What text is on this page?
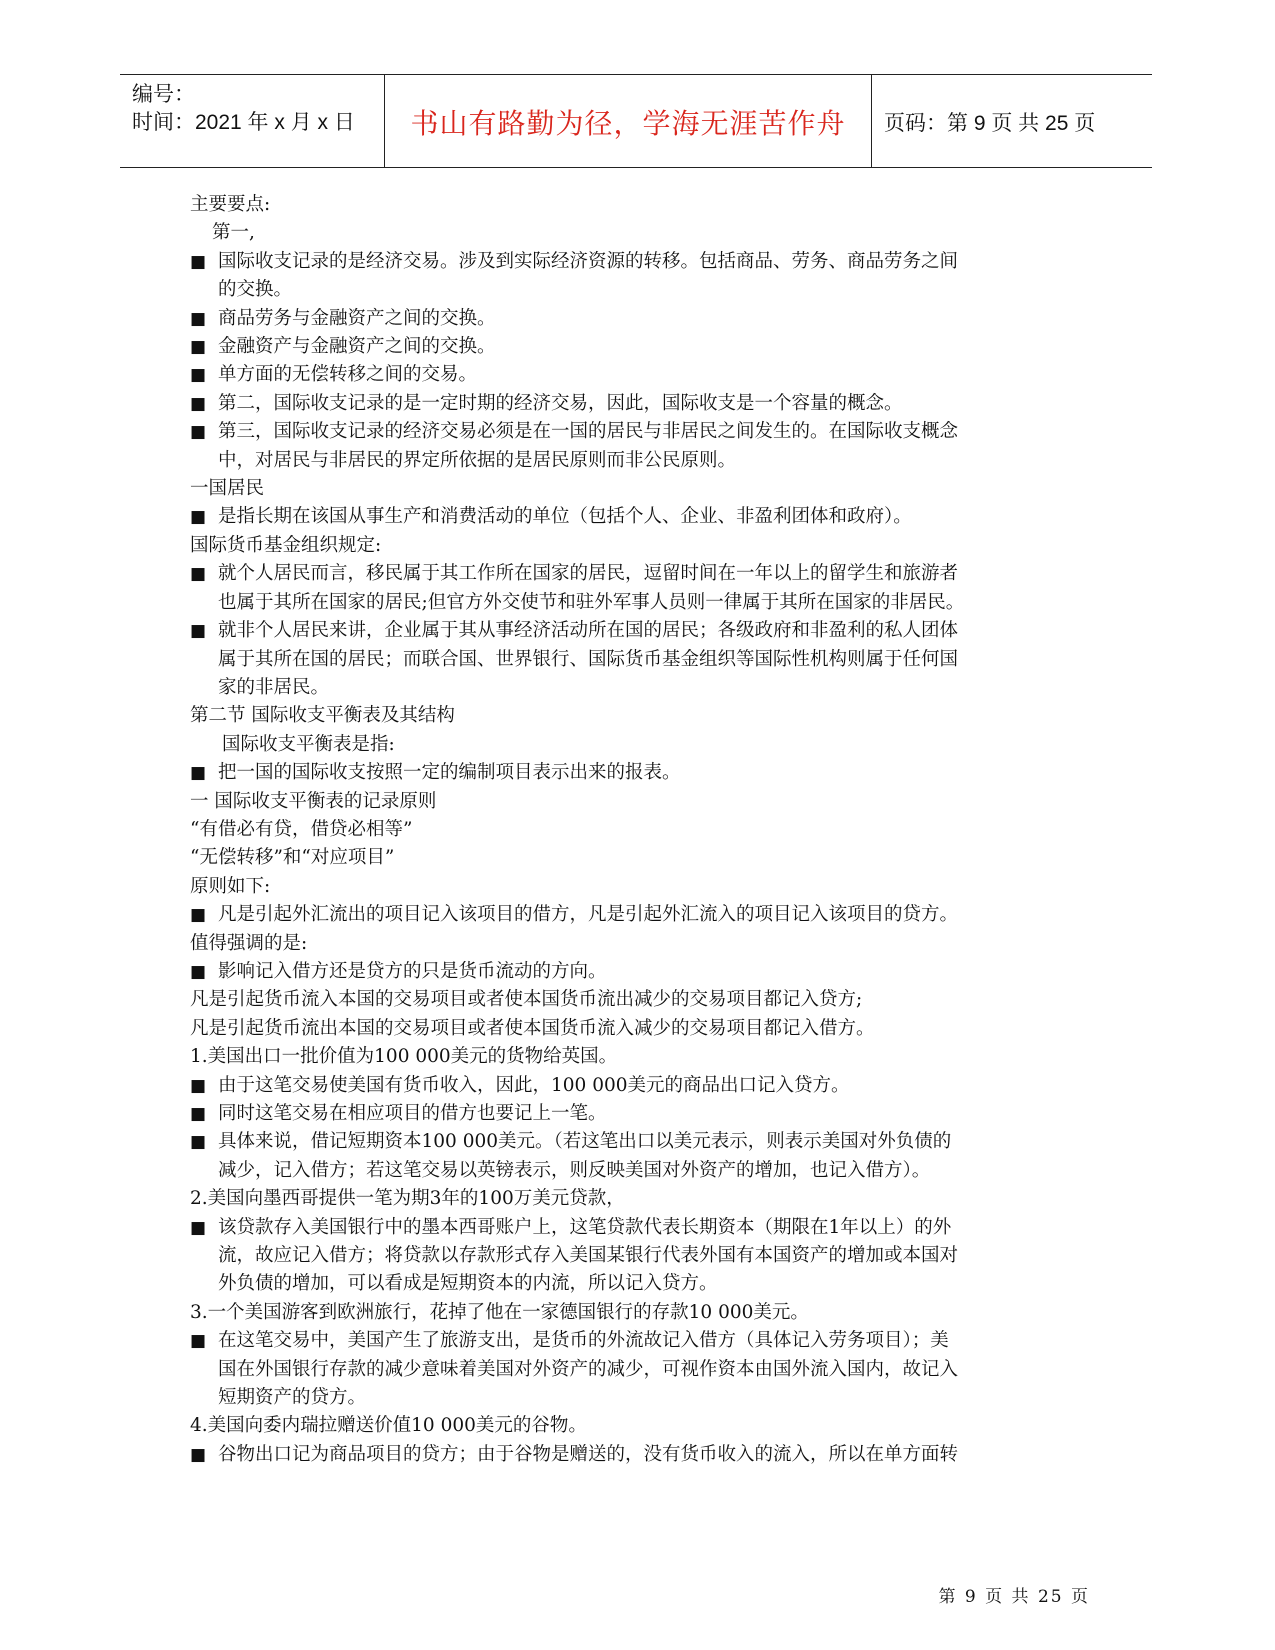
编号：
时间：2021 年 x 月 x 日	书山有路勤为径，学海无涯苦作舟	页码：第 9 页 共 25 页
主要要点:
第一,
■ 国际收支记录的是经济交易。涉及到实际经济资源的转移。包括商品、劳务、商品劳务之间
的交换。
■ 商品劳务与金融资产之间的交换。
■ 金融资产与金融资产之间的交换。
■ 单方面的无偿转移之间的交易。
■ 第二，国际收支记录的是一定时期的经济交易，因此，国际收支是一个容量的概念。
■ 第三，国际收支记录的经济交易必须是在一国的居民与非居民之间发生的。在国际收支概念
中，对居民与非居民的界定所依据的是居民原则而非公民原则。
一国居民
■ 是指长期在该国从事生产和消费活动的单位（包括个人、企业、非盈利团体和政府）。
国际货币基金组织规定:
■ 就个人居民而言，移民属于其工作所在国家的居民，逗留时间在一年以上的留学生和旅游者
也属于其所在国家的居民;但官方外交使节和驻外军事人员则一律属于其所在国家的非居民。
■ 就非个人居民来讲，企业属于其从事经济活动所在国的居民；各级政府和非盈利的私人团体
属于其所在国的居民；而联合国、世界银行、国际货币基金组织等国际性机构则属于任何国
家的非居民。
第二节 国际收支平衡表及其结构
国际收支平衡表是指:
■ 把一国的国际收支按照一定的编制项目表示出来的报表。
一 国际收支平衡表的记录原则
“有借必有贷，借贷必相等”
“无偿转移”和“对应项目”
原则如下:
■ 凡是引起外汇流出的项目记入该项目的借方，凡是引起外汇流入的项目记入该项目的贷方。
值得强调的是:
■ 影响记入借方还是贷方的只是货币流动的方向。
凡是引起货币流入本国的交易项目或者使本国货币流出减少的交易项目都记入贷方;
凡是引起货币流出本国的交易项目或者使本国货币流入减少的交易项目都记入借方。
1.美国出口一批价值为100 000美元的货物给英国。
■ 由于这笔交易使美国有货币收入，因此，100 000美元的商品出口记入贷方。
■ 同时这笔交易在相应项目的借方也要记上一笔。
■ 具体来说，借记短期资本100 000美元。（若这笔出口以美元表示，则表示美国对外负债的
减少，记入借方；若这笔交易以英镑表示，则反映美国对外资产的增加，也记入借方）。
2.美国向墨西哥提供一笔为期3年的100万美元贷款，
■ 该贷款存入美国银行中的墨本西哥账户上，这笔贷款代表长期资本（期限在1年以上）的外
流，故应记入借方；将贷款以存款形式存入美国某银行代表外国有本国资产的增加或本国对
外负债的增加，可以看成是短期资本的内流，所以记入贷方。
3.一个美国游客到欧洲旅行，花掉了他在一家德国银行的存款10 000美元。
■ 在这笔交易中，美国产生了旅游支出，是货币的外流故记入借方（具体记入劳务项目）；美
国在外国银行存款的减少意味着美国对外资产的减少，可视作资本由国外流入国内，故记入
短期资产的贷方。
4.美国向委内瑞拉赠送价值10 000美元的谷物。
■ 谷物出口记为商品项目的贷方；由于谷物是赠送的，没有货币收入的流入，所以在单方面转
第 9 页 共 25 页
